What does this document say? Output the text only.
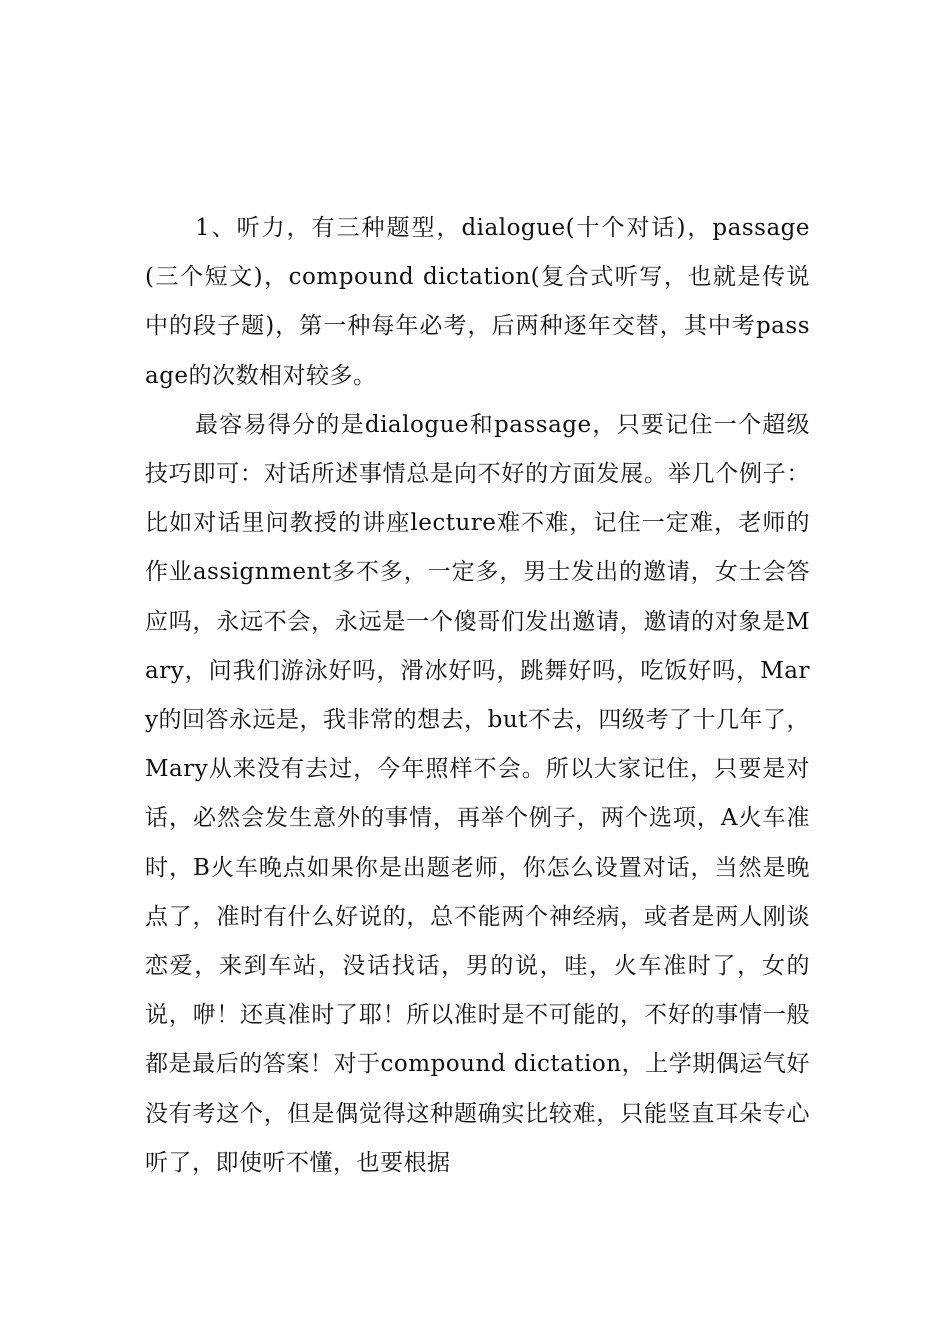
1、听力，有三种题型，dialogue(十个对话)，passage(三个短文)，compound dictation(复合式听写，也就是传说中的段子题)，第一种每年必考，后两种逐年交替，其中考passage的次数相对较多。

最容易得分的是dialogue和passage，只要记住一个超级技巧即可：对话所述事情总是向不好的方面发展。举几个例子：比如对话里问教授的讲座lecture难不难，记住一定难，老师的作业assignment多不多，一定多，男士发出的邀请，女士会答应吗，永远不会，永远是一个傻哥们发出邀请，邀请的对象是Mary，问我们游泳好吗，滑冰好吗，跳舞好吗，吃饭好吗，Mary的回答永远是，我非常的想去，but不去，四级考了十几年了，Mary从来没有去过，今年照样不会。所以大家记住，只要是对话，必然会发生意外的事情，再举个例子，两个选项，A火车准时，B火车晚点如果你是出题老师，你怎么设置对话，当然是晚点了，准时有什么好说的，总不能两个神经病，或者是两人刚谈恋爱，来到车站，没话找话，男的说，哇，火车准时了，女的说，咿！还真准时了耶！所以准时是不可能的，不好的事情一般都是最后的答案！对于compound dictation，上学期偶运气好没有考这个，但是偶觉得这种题确实比较难，只能竖直耳朵专心听了，即使听不懂，也要根据
